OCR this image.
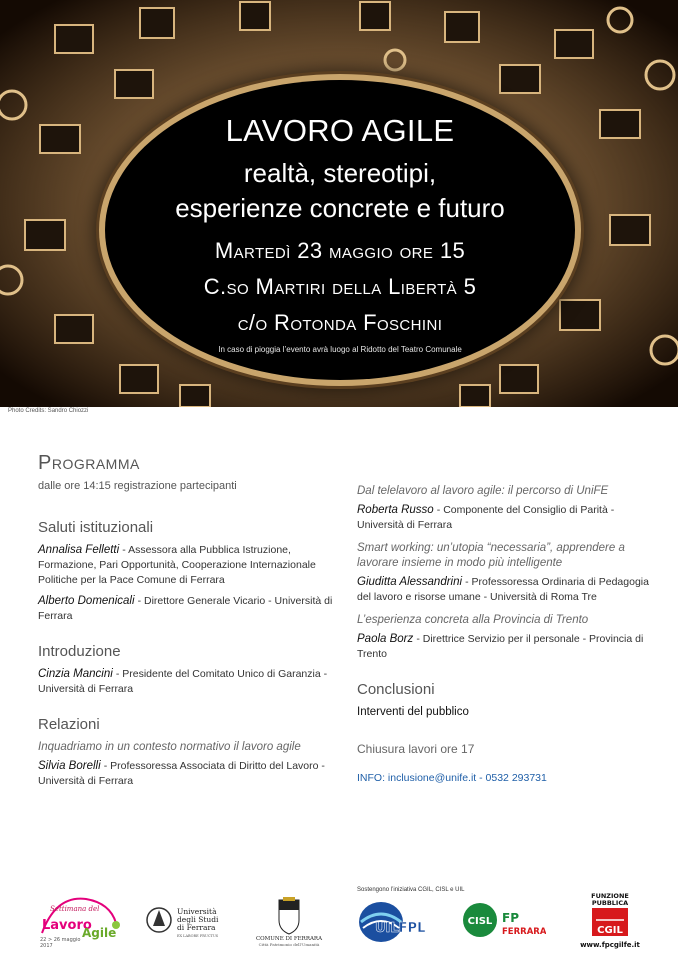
LAVORO AGILE
realtà, stereotipi,
esperienze concrete e futuro
Martedì 23 maggio ore 15
C.so Martiri della Libertà 5
c/o Rotonda Foschini
In caso di pioggia l’evento avrà luogo al Ridotto del Teatro Comunale
Photo Credits: Sandro Chiozzi
Programma
dalle ore 14:15 registrazione partecipanti
Saluti istituzionali
Annalisa Felletti - Assessora alla Pubblica Istruzione, Formazione, Pari Opportunità, Cooperazione Internazionale Politiche per la Pace Comune di Ferrara
Alberto Domenicali - Direttore Generale Vicario - Università di Ferrara
Introduzione
Cinzia Mancini - Presidente del Comitato Unico di Garanzia - Università di Ferrara
Relazioni
Inquadriamo in un contesto normativo il lavoro agile
Silvia Borelli - Professoressa Associata di Diritto del Lavoro - Università di Ferrara
Dal telelavoro al lavoro agile: il percorso di UniFE
Roberta Russo - Componente del Consiglio di Parità - Università di Ferrara
Smart working: un’utopia “necessaria”, apprendere a lavorare insieme in modo più intelligente
Giuditta Alessandrini - Professoressa Ordinaria di Pedagogia del lavoro e risorse umane - Università di Roma Tre
L’esperienza concreta alla Provincia di Trento
Paola Borz - Direttrice Servizio per il personale - Provincia di Trento
Conclusioni
Interventi del pubblico
Chiusura lavori ore 17
INFO: inclusione@unife.it - 0532 293731
Sostengono l’iniziativa CGIL, CISL e UIL
Settimana del
Lavoro
Agile
22 > 26 maggio
2017
Università
degli Studi
di Ferrara
EX LABORE FRUCTUS	COMUNE DI FERRARA
Città Patrimonio dell’Umanità
UILFPL	CISL FP
FERRARA
FUNZIONE
PUBBLICA
CGIL
www.fpcgilfe.it
